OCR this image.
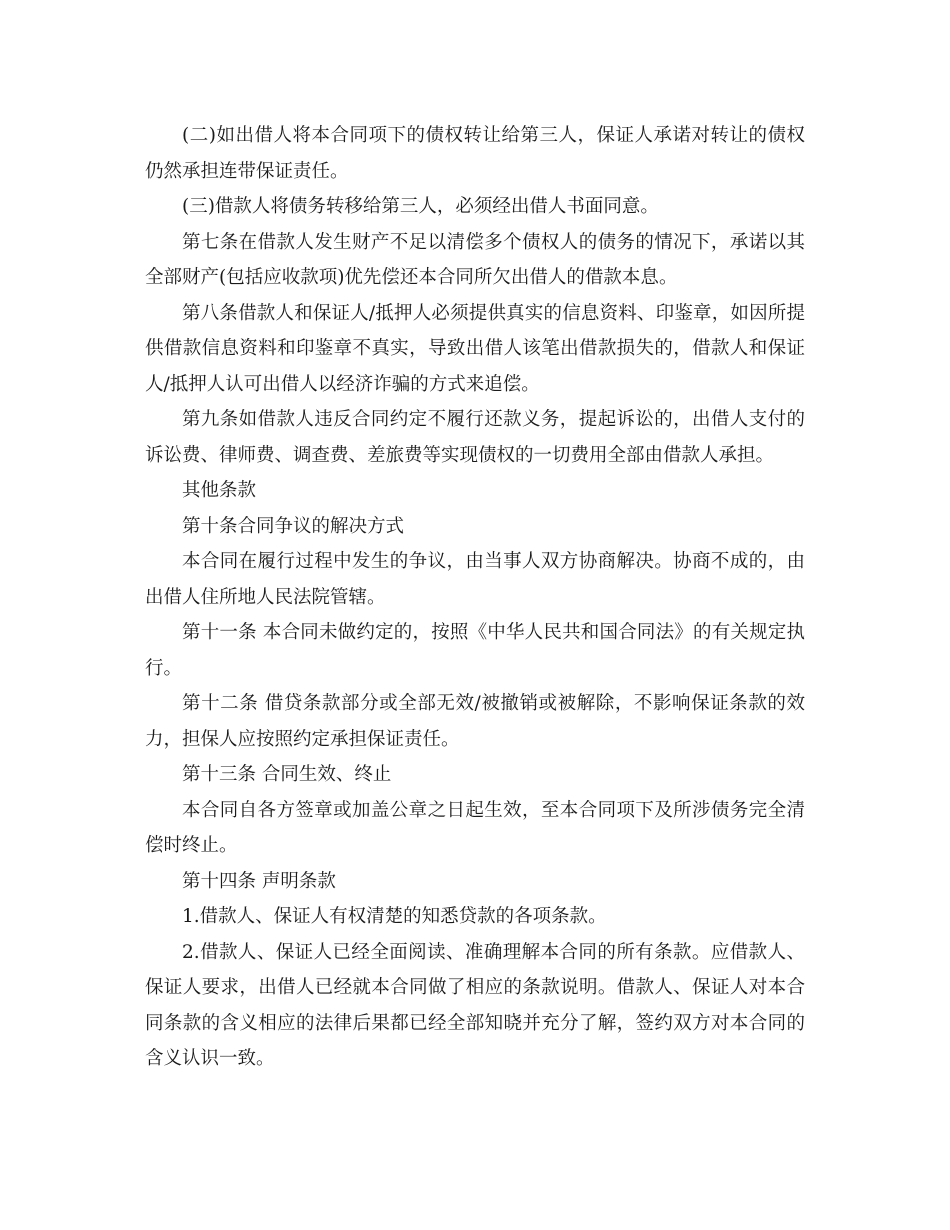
(二)如出借人将本合同项下的债权转让给第三人，保证人承诺对转让的债权仍然承担连带保证责任。

(三)借款人将债务转移给第三人，必须经出借人书面同意。

第七条在借款人发生财产不足以清偿多个债权人的债务的情况下，承诺以其全部财产(包括应收款项)优先偿还本合同所欠出借人的借款本息。

第八条借款人和保证人/抵押人必须提供真实的信息资料、印鉴章，如因所提供借款信息资料和印鉴章不真实，导致出借人该笔出借款损失的，借款人和保证人/抵押人认可出借人以经济诈骗的方式来追偿。

第九条如借款人违反合同约定不履行还款义务，提起诉讼的，出借人支付的诉讼费、律师费、调查费、差旅费等实现债权的一切费用全部由借款人承担。

其他条款

第十条合同争议的解决方式

本合同在履行过程中发生的争议，由当事人双方协商解决。协商不成的，由出借人住所地人民法院管辖。

第十一条 本合同未做约定的，按照《中华人民共和国合同法》的有关规定执行。

第十二条 借贷条款部分或全部无效/被撤销或被解除，不影响保证条款的效力，担保人应按照约定承担保证责任。

第十三条 合同生效、终止

本合同自各方签章或加盖公章之日起生效，至本合同项下及所涉债务完全清偿时终止。

第十四条 声明条款

1.借款人、保证人有权清楚的知悉贷款的各项条款。

2.借款人、保证人已经全面阅读、准确理解本合同的所有条款。应借款人、保证人要求，出借人已经就本合同做了相应的条款说明。借款人、保证人对本合同条款的含义相应的法律后果都已经全部知晓并充分了解，签约双方对本合同的含义认识一致。
